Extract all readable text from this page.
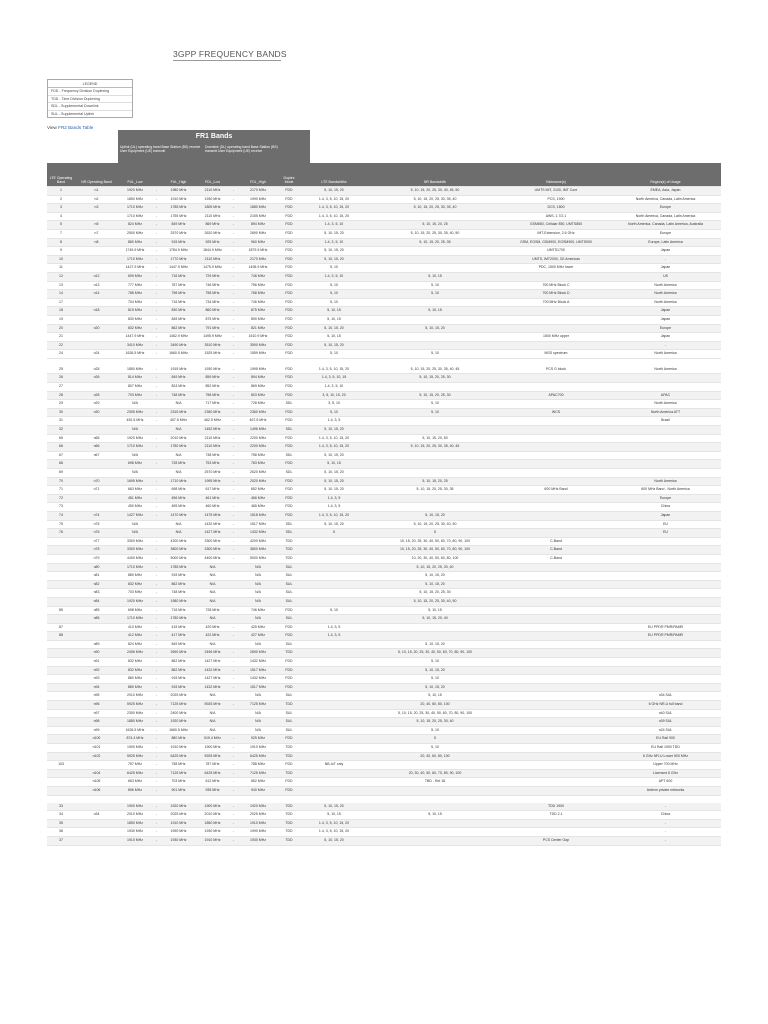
3GPP FREQUENCY BANDS
LEGEND
FDD - Frequency Division Duplexing
TDD - Time Division Duplexing
SDL - Supplemental Downlink
SUL - Supplemental Uplink
View FR2 Bands Table
FR1 Bands
Uplink (UL) operating band Base Station (BS) receive User Equipment (UE) transmit
Downlink (DL) operating band Base Station (BS) transmit User Equipment (UE) receive
LTE Operating Band	NR Operating Band	FUL_Low		FUL_High	FDL_Low		FDL_High	Duplex Mode	LTE Bandwidths	NR Bandwidth	Nickname(s)	Region(s) of Usage
1	n1	1920 MHz	-	1980 MHz	2110 MHz	-	2170 MHz	FDD	5, 10, 15, 20	5, 10, 15, 20, 25, 30, 40, 45, 50	UMTS IMT, 2100, IMT Core	EMEA, Asia, Japan
2	n2	1850 MHz	-	1910 MHz	1930 MHz	-	1990 MHz	FDD	1.4, 3, 5, 10, 15, 20	5, 10, 15, 20, 25, 30, 35, 40	PCS, 1900	North America, Canada, Latin America
3	n3	1710 MHz	-	1785 MHz	1805 MHz	-	1880 MHz	FDD	1.4, 3, 5, 10, 15, 20	5, 10, 15, 20, 25, 30, 35, 40	DCS, 1800	Europe
4		1710 MHz	-	1755 MHz	2110 MHz	-	2155 MHz	FDD	1.4, 3, 5, 10, 15, 20		AWS, 1.7/2.1	North America, Canada, Latin America
5	n5	824 MHz	-	849 MHz	869 MHz	-	894 MHz	FDD	1.4, 3, 5, 10	5, 10, 15, 20, 25	GSM850, Cellular 850, UMTS850	North America, Canada, Latin America, Australia
7	n7	2500 MHz	-	2570 MHz	2620 MHz	-	2690 MHz	FDD	5, 10, 15, 20	5, 10, 15, 20, 25, 30, 35, 40, 50	IMT-Extension, 2.6 GHz	Europe
8	n8	880 MHz	-	915 MHz	925 MHz	-	960 MHz	FDD	1.4, 3, 5, 10	5, 10, 15, 20, 25, 35	GSM, EGSM, GSM900, EGSM900, UMTS900	Europe, Latin America
9		1749.9 MHz	-	1784.9 MHz	1844.9 MHz	-	1879.9 MHz	FDD	5, 10, 15, 20		UMTS1700	Japan
10		1710 MHz	-	1770 MHz	2110 MHz	-	2170 MHz	FDD	5, 10, 15, 20		UMTS, IMT2000, 3G Americas	-
11		1427.9 MHz	-	1447.9 MHz	1475.9 MHz	-	1495.9 MHz	FDD	5, 10		PDC, 1500 MHz lower	Japan
12	n12	699 MHz	-	716 MHz	729 MHz	-	746 MHz	FDD	1.4, 3, 5, 10	5, 10, 15		US
13	n13	777 MHz	-	787 MHz	746 MHz	-	756 MHz	FDD	5, 10	5, 10	700 MHz Block C	North America
14	n14	788 MHz	-	798 MHz	758 MHz	-	768 MHz	FDD	5, 10	5, 10	700 MHz Block D	North America
17		704 MHz	-	716 MHz	734 MHz	-	746 MHz	FDD	5, 10		700 MHz Block A	North America
18	n18	815 MHz	-	830 MHz	860 MHz	-	875 MHz	FDD	5, 10, 15	5, 10, 15		Japan
19		830 MHz	-	845 MHz	875 MHz	-	890 MHz	FDD	5, 10, 15			Japan
20	n20	832 MHz	-	862 MHz	791 MHz	-	821 MHz	FDD	5, 10, 15, 20	5, 10, 15, 20		Europe
21		1447.9 MHz	-	1462.9 MHz	1495.9 MHz	-	1510.9 MHz	FDD	5, 10, 15		1500 MHz upper	Japan
22		3410 MHz	-	3490 MHz	3510 MHz	-	3590 MHz	FDD	5, 10, 15, 20			-
24	n24	1626.5 MHz	-	1660.5 MHz	1525 MHz	-	1559 MHz	FDD	5, 10	5, 10	MSS spectrum	North America

25	n25	1850 MHz	-	1915 MHz	1930 MHz	-	1995 MHz	FDD	1.4, 3, 5, 10, 15, 20	5, 10, 15, 20, 25, 30, 35, 40, 45	PCS G block	North America
26	n26	814 MHz	-	849 MHz	859 MHz	-	894 MHz	FDD	1.4, 3, 5, 10, 15	5, 10, 15, 20, 25, 30		
27		807 MHz	-	824 MHz	852 MHz	-	869 MHz	FDD	1.4, 3, 5, 10			
28	n28	703 MHz	-	748 MHz	758 MHz	-	803 MHz	FDD	3, 5, 10, 15, 20	5, 10, 15, 20, 25, 30	APAC700	APAC
29	n29	N/A		N/A	717 MHz	-	728 MHz	SDL	3, 5, 10	5, 10		North America
30	n30	2305 MHz	-	2315 MHz	2350 MHz	-	2360 MHz	FDD	5, 10	5, 10	WCS	North America ATT
31		452.5 MHz	-	457.5 MHz	462.5 MHz	-	467.5 MHz	FDD	1.4, 3, 5			Brazil
32		N/A		N/A	1452 MHz	-	1496 MHz	SDL	5, 10, 15, 20			
65	n65	1920 MHz	-	2010 MHz	2110 MHz	-	2200 MHz	FDD	1.4, 3, 5, 10, 15, 20	5, 10, 15, 20, 50		
66	n66	1710 MHz	-	1780 MHz	2110 MHz	-	2200 MHz	FDD	1.4, 3, 5, 10, 15, 20	5, 10, 15, 20, 25, 30, 35, 40, 45		
67	n67	N/A		N/A	738 MHz	-	758 MHz	SDL	5, 10, 15, 20			
68		698 MHz	-	728 MHz	753 MHz	-	783 MHz	FDD	5, 10, 15			
69		N/A		N/A	2570 MHz	-	2620 MHz	SDL	5, 10, 15, 20			
70	n70	1695 MHz	-	1710 MHz	1995 MHz	-	2020 MHz	FDD	5, 10, 15, 20	5, 10, 15, 20, 25		North America
71	n71	663 MHz	-	698 MHz	617 MHz	-	652 MHz	FDD	5, 10, 15, 20	5, 10, 15, 20, 25, 30, 35	600 MHz Band	600 MHz Band - North America
72		451 MHz	-	456 MHz	461 MHz	-	466 MHz	FDD	1.4, 3, 5			Europe
73		450 MHz	-	455 MHz	460 MHz	-	465 MHz	FDD	1.4, 3, 5			China
74	n74	1427 MHz	-	1470 MHz	1475 MHz	-	1518 MHz	FDD	1.4, 3, 5, 10, 15, 20	5, 10, 15, 20		Japan
75	n75	N/A		N/A	1432 MHz	-	1517 MHz	SDL	5, 10, 15, 20	5, 10, 15, 20, 25, 30, 40, 50		EU
76	n76	N/A		N/A	1427 MHz	-	1432 MHz	SDL	5	5		EU
	n77	3300 MHz	-	4200 MHz	3300 MHz	-	4200 MHz	TDD		10, 15, 20, 25, 30, 40, 50, 60, 70, 80, 90, 100	C-Band	
	n78	3300 MHz	-	3800 MHz	3300 MHz	-	3800 MHz	TDD		10, 15, 20, 25, 30, 40, 50, 60, 70, 80, 90, 100	C-Band	
	n79	4400 MHz	-	5000 MHz	4400 MHz	-	5000 MHz	TDD		10, 20, 30, 40, 50, 60, 80, 100	C-Band	
	n80	1710 MHz	-	1785 MHz	N/A		N/A	SUL		5, 10, 15, 20, 25, 30, 40		
	n81	880 MHz	-	915 MHz	N/A		N/A	SUL		5, 10, 15, 20		
	n82	832 MHz	-	862 MHz	N/A		N/A	SUL		5, 10, 15, 20		
	n83	703 MHz	-	748 MHz	N/A		N/A	SUL		5, 10, 15, 20, 25, 30		
	n84	1920 MHz	-	1980 MHz	N/A		N/A	SUL		5, 10, 15, 20, 25, 30, 40, 50		
85	n85	698 MHz	-	716 MHz	728 MHz	-	746 MHz	FDD	5, 10	5, 10, 15		
	n86	1710 MHz	-	1780 MHz	N/A		N/A	SUL		5, 10, 15, 20, 40		
87		410 MHz	-	415 MHz	420 MHz	-	425 MHz	FDD	1.4, 3, 5			EU PPDR PMR/PAMR
88		412 MHz	-	417 MHz	422 MHz	-	427 MHz	FDD	1.4, 3, 5			EU PPDR PMR/PAMR
	n89	824 MHz	-	849 MHz	N/A		N/A	SUL		5, 10, 15, 20		
	n90	2496 MHz	-	2690 MHz	2496 MHz	-	2690 MHz	TDD		5, 10, 15, 20, 25, 30, 40, 50, 60, 70, 80, 90, 100		
	n91	832 MHz	-	862 MHz	1427 MHz	-	1432 MHz	FDD		5, 10		
	n92	832 MHz	-	862 MHz	1432 MHz	-	1517 MHz	FDD		5, 10, 15, 20		
	n93	880 MHz	-	915 MHz	1427 MHz	-	1432 MHz	FDD		5, 10		
	n94	880 MHz	-	915 MHz	1432 MHz	-	1517 MHz	FDD		5, 10, 15, 20		
	n95	2010 MHz	-	2025 MHz	N/A		N/A	SUL		5, 10, 15		n34 SUL
	n96	5925 MHz	-	7125 MHz	5925 MHz	-	7125 MHz	TDD		20, 40, 60, 80, 100		6 GHz NR-U full band
	n97	2300 MHz	-	2400 MHz	N/A		N/A	SUL		5, 10, 15, 20, 25, 30, 40, 50, 60, 70, 80, 90, 100		n40 SUL
	n98	1880 MHz	-	1920 MHz	N/A		N/A	SUL		5, 10, 15, 20, 25, 30, 40		n39 SUL
	n99	1626.5 MHz	-	1660.5 MHz	N/A		N/A	SUL		5, 10		n24 SUL
	n100	874.4 MHz	-	880 MHz	919.4 MHz	-	925 MHz	FDD		5		EU Rail 900
	n101	1900 MHz	-	1910 MHz	1900 MHz	-	1910 MHz	TDD		5, 10		EU Rail 1900 TDD
	n102	5925 MHz	-	6425 MHz	5925 MHz	-	6425 MHz	TDD		20, 40, 60, 80, 100		6 GHz NR-U Lower 500 MHz
103		757 MHz	-	758 MHz	787 MHz	-	788 MHz	FDD	NB-IoT only			Upper 700 MHz
	n104	6425 MHz	-	7125 MHz	6425 MHz	-	7125 MHz	TDD		20, 30, 40, 50, 60, 70, 80, 90, 100		Licensed 6 GHz
	n105	663 MHz	-	703 MHz	612 MHz	-	652 MHz	FDD		TBD - Rel 18		APT 600
	n106	896 MHz	-	901 MHz	935 MHz	-	940 MHz	FDD				Antenn private networks

33		1900 MHz	-	1920 MHz	1900 MHz	-	1920 MHz	TDD	5, 10, 15, 20		TDD 1900	-
34	n34	2010 MHz	-	2025 MHz	2010 MHz	-	2025 MHz	TDD	5, 10, 15	5, 10, 15	TDD 2.1	China
35		1850 MHz	-	1910 MHz	1850 MHz	-	1910 MHz	TDD	1.4, 3, 5, 10, 15, 20			-
36		1930 MHz	-	1990 MHz	1930 MHz	-	1990 MHz	TDD	1.4, 3, 5, 10, 15, 20			-
37		1910 MHz	-	1930 MHz	1910 MHz	-	1930 MHz	TDD	5, 10, 15, 20		PCS Center Gap	-
